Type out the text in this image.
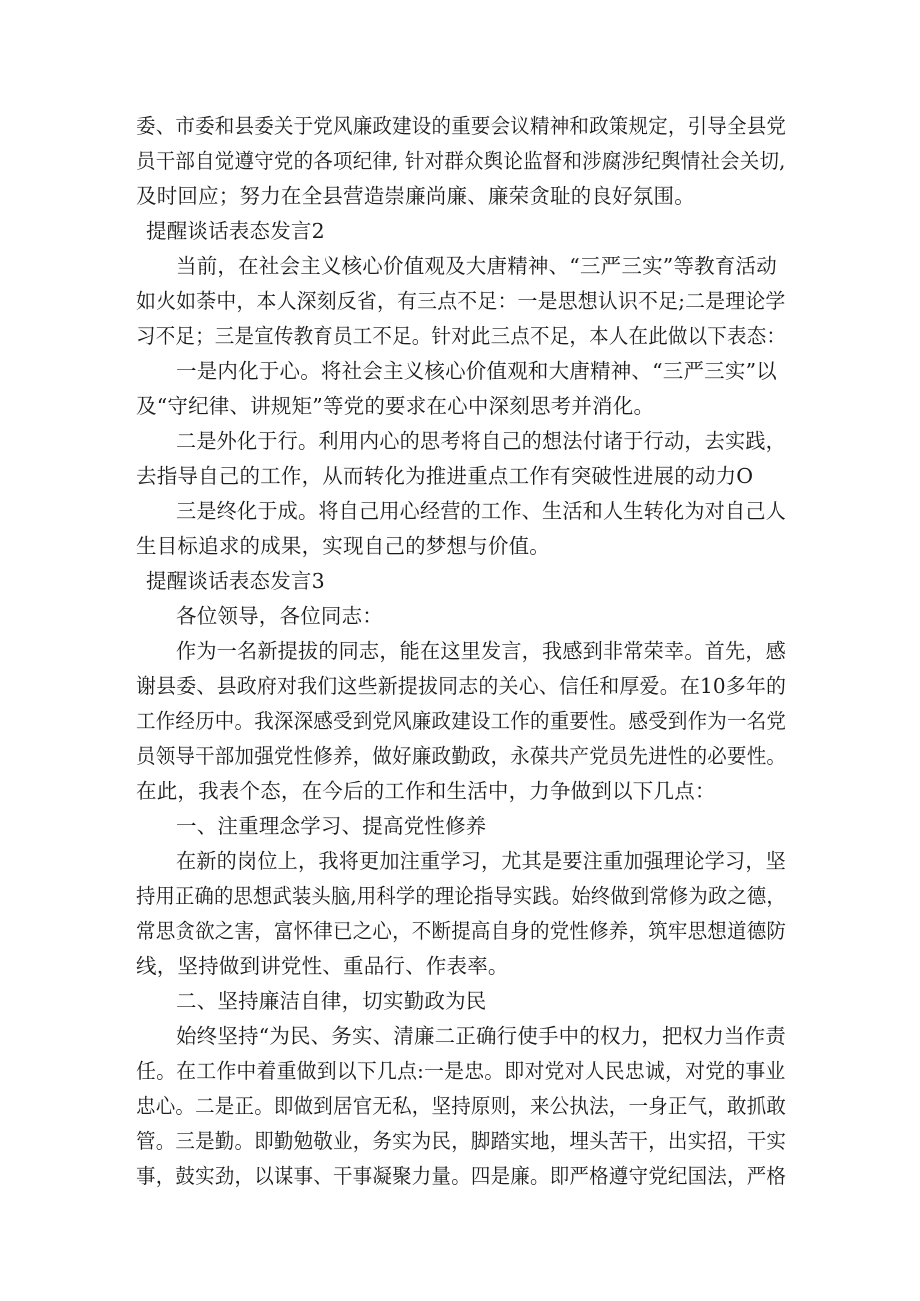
委、市委和县委关于党风廉政建设的重要会议精神和政策规定，引导全县党
员干部自觉遵守党的各项纪律, 针对群众舆论监督和涉腐涉纪舆情社会关切,
及时回应；努力在全县营造崇廉尚廉、廉荣贪耻的良好氛围。
提醒谈话表态发言2
当前，在社会主义核心价值观及大唐精神、“三严三实”等教育活动
如火如荼中，本人深刻反省，有三点不足：一是思想认识不足;二是理论学
习不足；三是宣传教育员工不足。针对此三点不足，本人在此做以下表态：
一是内化于心。将社会主义核心价值观和大唐精神、“三严三实”以
及“守纪律、讲规矩”等党的要求在心中深刻思考并消化。
二是外化于行。利用内心的思考将自己的想法付诸于行动，去实践，
去指导自己的工作，从而转化为推进重点工作有突破性进展的动力O
三是终化于成。将自己用心经营的工作、生活和人生转化为对自己人
生目标追求的成果，实现自己的梦想与价值。
提醒谈话表态发言3
各位领导，各位同志：
作为一名新提拔的同志，能在这里发言，我感到非常荣幸。首先，感
谢县委、县政府对我们这些新提拔同志的关心、信任和厚爱。在10多年的
工作经历中。我深深感受到党风廉政建设工作的重要性。感受到作为一名党
员领导干部加强党性修养，做好廉政勤政，永葆共产党员先进性的必要性。
在此，我表个态，在今后的工作和生活中，力争做到以下几点：
一、注重理念学习、提高党性修养
在新的岗位上，我将更加注重学习，尤其是要注重加强理论学习，坚
持用正确的思想武装头脑,用科学的理论指导实践。始终做到常修为政之德，
常思贪欲之害，富怀律已之心，不断提高自身的党性修养，筑牢思想道德防
线，坚持做到讲党性、重品行、作表率。
二、坚持廉洁自律，切实勤政为民
始终坚持“为民、务实、清廉二正确行使手中的权力，把权力当作责
任。在工作中着重做到以下几点:一是忠。即对党对人民忠诚，对党的事业
忠心。二是正。即做到居官无私，坚持原则，来公执法，一身正气，敢抓敢
管。三是勤。即勤勉敬业，务实为民，脚踏实地，埋头苦干，出实招，干实
事，鼓实劲，以谋事、干事凝聚力量。四是廉。即严格遵守党纪国法，严格
